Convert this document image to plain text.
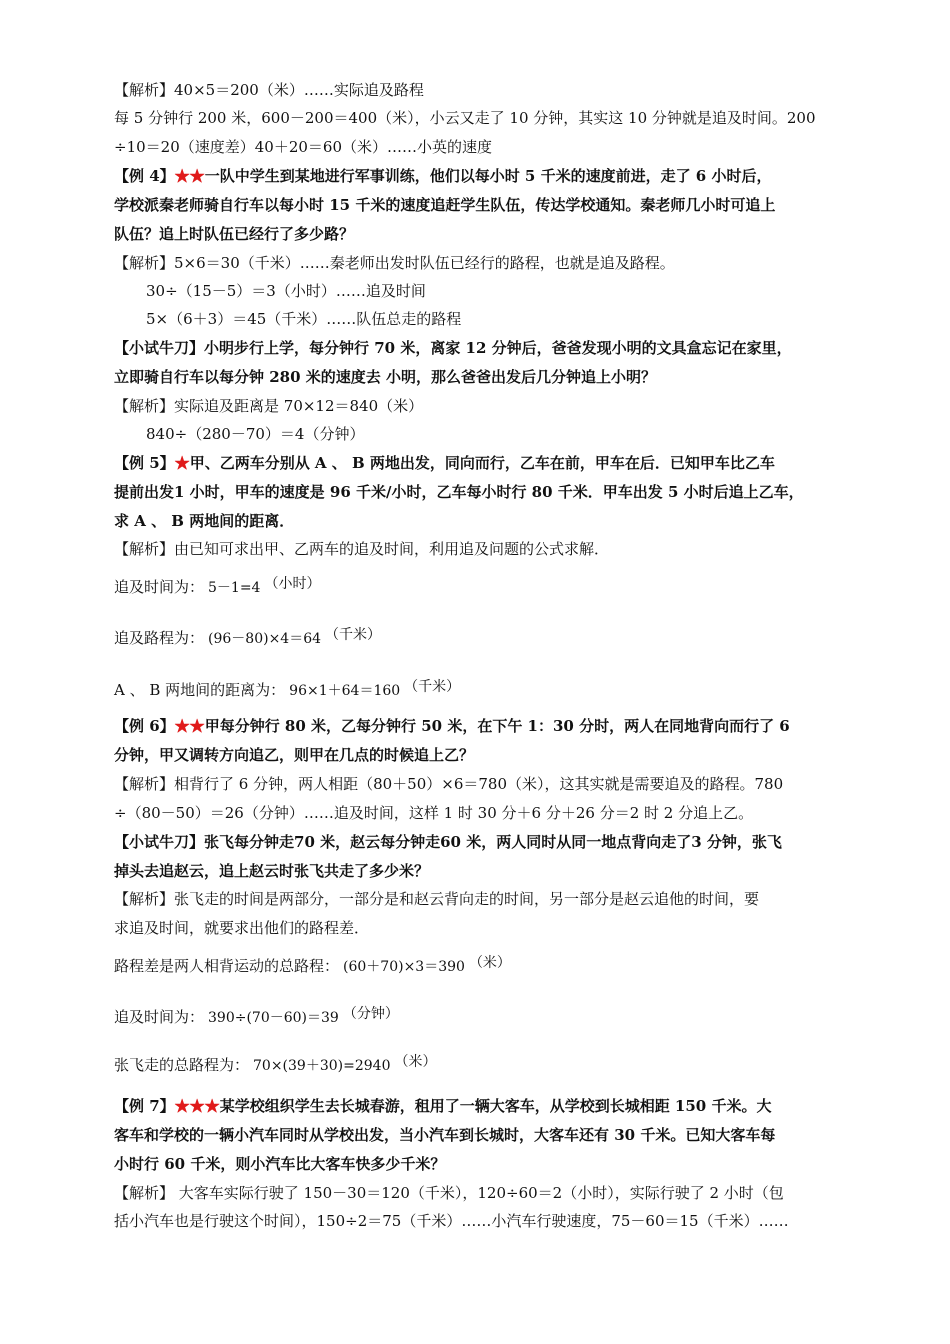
【解析】40×5＝200（米）……实际追及路程

每 5 分钟行 200 米，600－200＝400（米），小云又走了 10 分钟，其实这 10 分钟就是追及时间。200

÷10＝20（速度差）40＋20＝60（米）……小英的速度

【例 4】★★一队中学生到某地进行军事训练，他们以每小时 5 千米的速度前进，走了 6 小时后，

学校派秦老师骑自行车以每小时 15 千米的速度追赶学生队伍，传达学校通知。秦老师几小时可追上

队伍？追上时队伍已经行了多少路？

【解析】5×6＝30（千米）……秦老师出发时队伍已经行的路程，也就是追及路程。

30÷（15－5）＝3（小时）……追及时间

5×（6＋3）＝45（千米）……队伍总走的路程

【小试牛刀】小明步行上学，每分钟行 70 米，离家 12 分钟后，爸爸发现小明的文具盒忘记在家里，

立即骑自行车以每分钟 280 米的速度去 小明，那么爸爸出发后几分钟追上小明？

【解析】实际追及距离是 70×12＝840（米）

840÷（280－70）＝4（分钟）

【例 5】★甲、乙两车分别从 A 、 B 两地出发，同向而行，乙车在前，甲车在后．已知甲车比乙车

提前出发1 小时，甲车的速度是 96 千米/小时，乙车每小时行 80 千米．甲车出发 5 小时后追上乙车，

求 A 、 B 两地间的距离．

【解析】由已知可求出甲、乙两车的追及时间，利用追及问题的公式求解．

追及时间为： 5－1=4 （小时）

追及路程为： (96－80)×4＝64 （千米）

A 、 B 两地间的距离为： 96×1＋64＝160 （千米）

【例 6】★★甲每分钟行 80 米，乙每分钟行 50 米，在下午 1：30 分时，两人在同地背向而行了 6

分钟，甲又调转方向追乙，则甲在几点的时候追上乙？

【解析】相背行了 6 分钟，两人相距（80＋50）×6＝780（米），这其实就是需要追及的路程。780

÷（80－50）＝26（分钟）……追及时间，这样 1 时 30 分＋6 分＋26 分＝2 时 2 分追上乙。

【小试牛刀】张飞每分钟走70 米，赵云每分钟走60 米，两人同时从同一地点背向走了3 分钟，张飞

掉头去追赵云，追上赵云时张飞共走了多少米？

【解析】张飞走的时间是两部分，一部分是和赵云背向走的时间，另一部分是赵云追他的时间，要

求追及时间，就要求出他们的路程差．

路程差是两人相背运动的总路程： (60＋70)×3＝390 （米）

追及时间为： 390÷(70－60)＝39 （分钟）

张飞走的总路程为： 70×(39＋30)=2940 （米）

【例 7】★★★某学校组织学生去长城春游，租用了一辆大客车，从学校到长城相距 150 千米。大

客车和学校的一辆小汽车同时从学校出发，当小汽车到长城时，大客车还有 30 千米。已知大客车每

小时行 60 千米，则小汽车比大客车快多少千米？

【解析】 大客车实际行驶了 150－30＝120（千米），120÷60＝2（小时），实际行驶了 2 小时（包

括小汽车也是行驶这个时间），150÷2＝75（千米）……小汽车行驶速度，75－60＝15（千米）……
